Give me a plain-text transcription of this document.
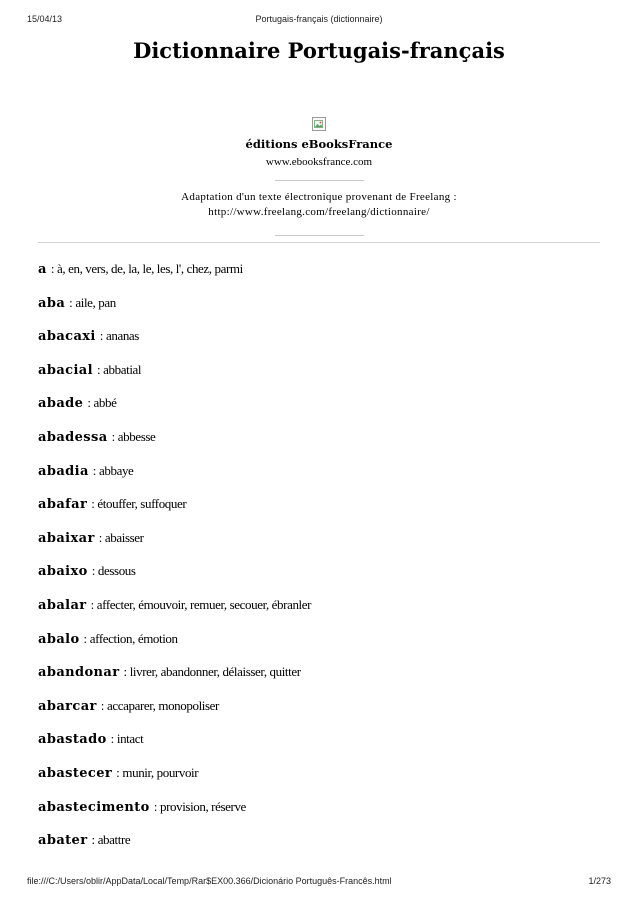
15/04/13	Portugais-français (dictionnaire)
Dictionnaire Portugais-français
éditions eBooksFrance
www.ebooksfrance.com
Adaptation d'un texte électronique provenant de Freelang :
http://www.freelang.com/freelang/dictionnaire/
a : à, en, vers, de, la, le, les, l', chez, parmi
aba : aile, pan
abacaxi : ananas
abacial : abbatial
abade : abbé
abadessa : abbesse
abadia : abbaye
abafar : étouffer, suffoquer
abaixar : abaisser
abaixo : dessous
abalar : affecter, émouvoir, remuer, secouer, ébranler
abalo : affection, émotion
abandonar : livrer, abandonner, délaisser, quitter
abarcar : accaparer, monopoliser
abastado : intact
abastecer : munir, pourvoir
abastecimento : provision, réserve
abater : abattre
file:///C:/Users/oblir/AppData/Local/Temp/Rar$EX00.366/Dicionário Português-Francês.html	1/273
